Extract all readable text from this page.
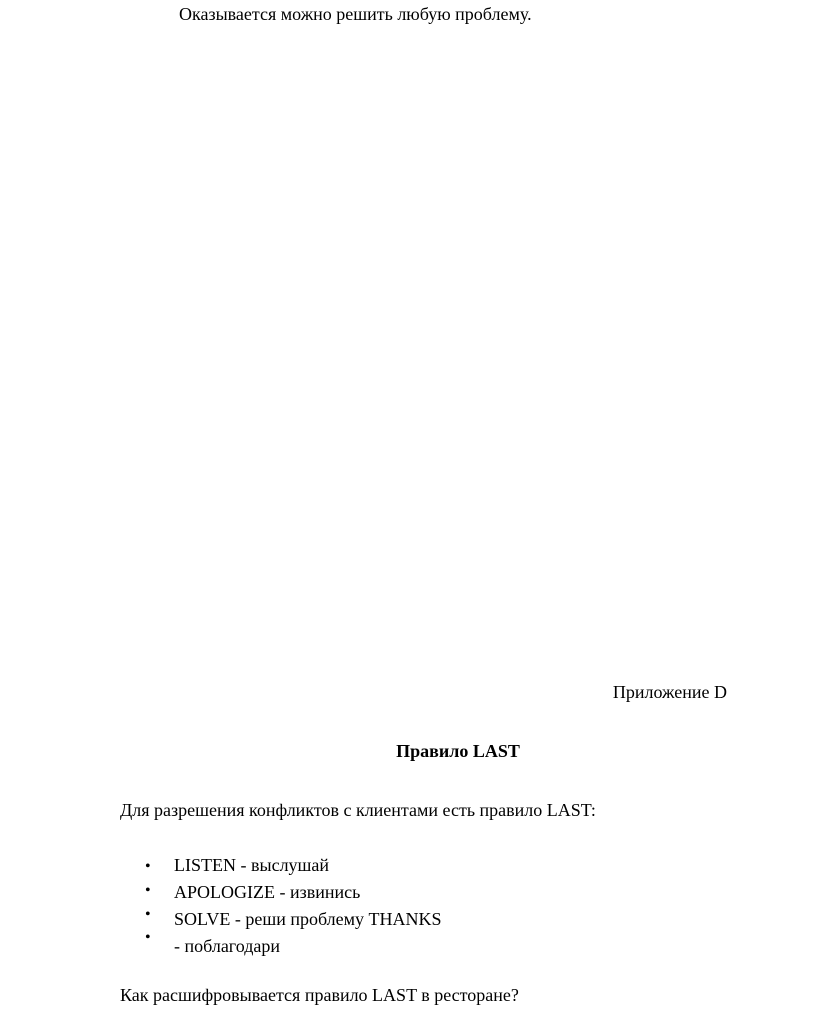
Оказывается можно решить любую проблему.
Приложение D
Правило LAST
Для разрешения конфликтов с клиентами есть правило LAST:
• LISTEN - выслушай
• APOLOGIZE - извинись
• SOLVE - реши проблему THANKS
• - поблагодари
Как расшифровывается правило LAST в ресторане?
